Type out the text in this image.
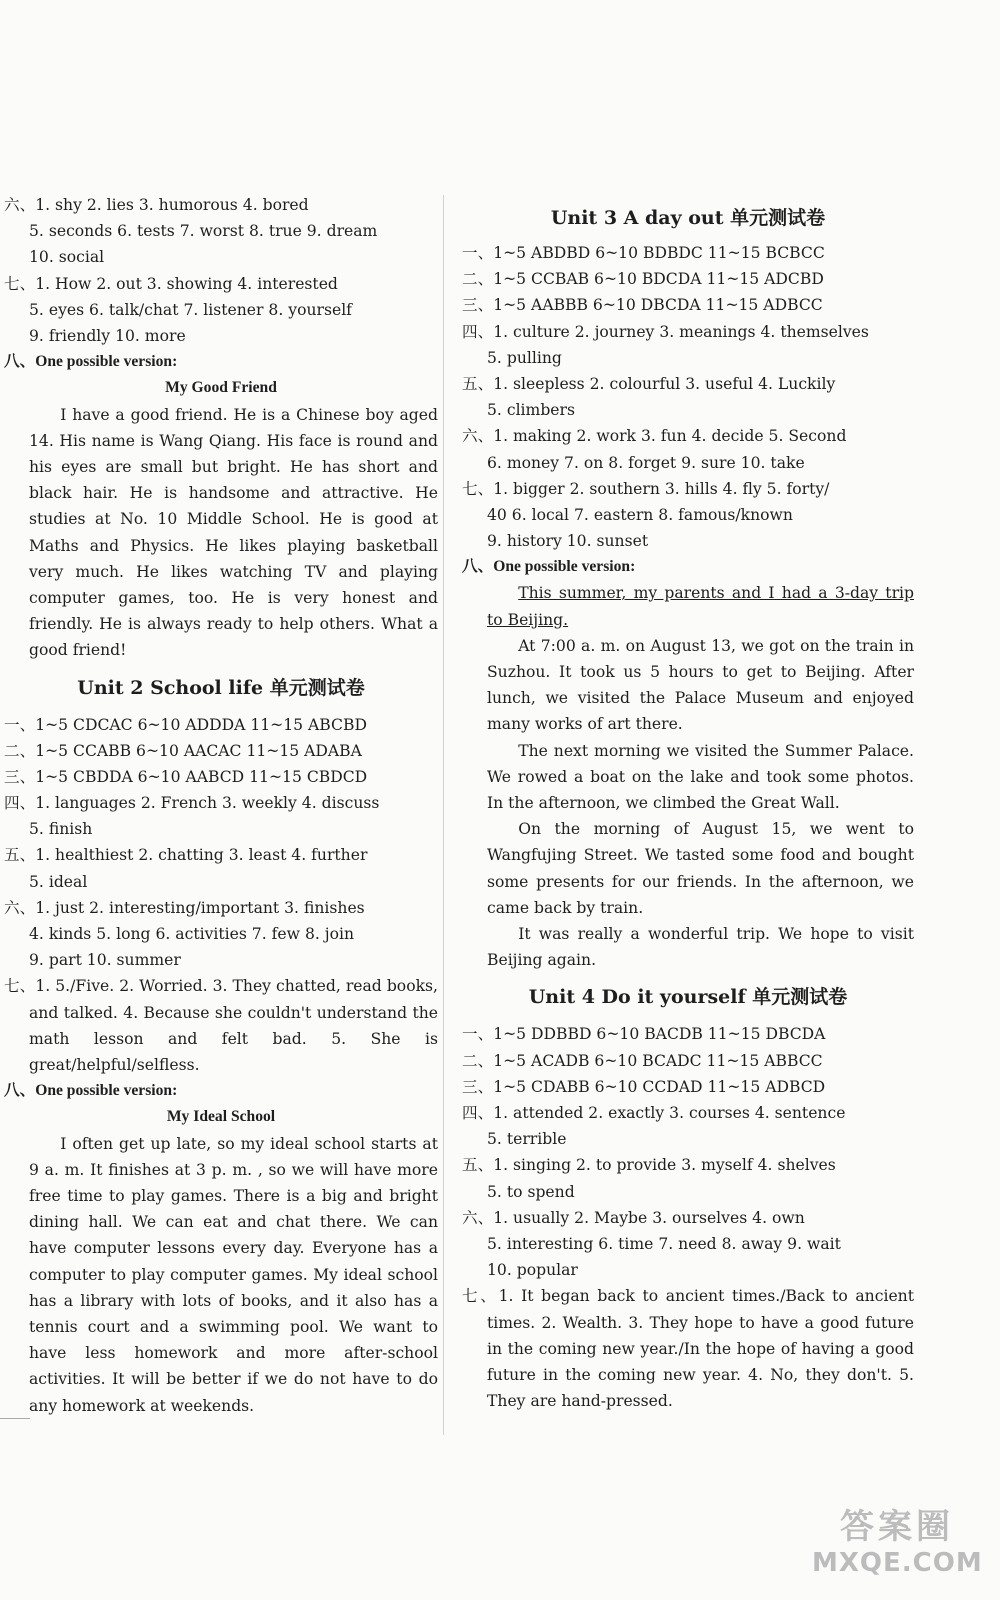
六、1. shy 2. lies 3. humorous 4. bored
5. seconds 6. tests 7. worst 8. true 9. dream
10. social
七、1. How 2. out 3. showing 4. interested
5. eyes 6. talk/chat 7. listener 8. yourself
9. friendly 10. more
八、One possible version:
My Good Friend

I have a good friend. He is a Chinese boy aged 14. His name is Wang Qiang. His face is round and his eyes are small but bright. He has short and black hair. He is handsome and attractive. He studies at No. 10 Middle School. He is good at Maths and Physics. He likes playing basketball very much. He likes watching TV and playing computer games, too. He is very honest and friendly. He is always ready to help others. What a good friend!

Unit 2 School life 单元测试卷
一、1~5 CDCAC 6~10 ADDDA 11~15 ABCBD
二、1~5 CCABB 6~10 AACAC 11~15 ADABA
三、1~5 CBDDA 6~10 AABCD 11~15 CBDCD
四、1. languages 2. French 3. weekly 4. discuss
5. finish
五、1. healthiest 2. chatting 3. least 4. further
5. ideal
六、1. just 2. interesting/important 3. finishes
4. kinds 5. long 6. activities 7. few 8. join
9. part 10. summer

七、1. 5./Five. 2. Worried. 3. They chatted, read books, and talked. 4. Because she couldn't understand the math lesson and felt bad. 5. She is great/helpful/selfless.

八、One possible version:
My Ideal School

I often get up late, so my ideal school starts at 9 a. m. It finishes at 3 p. m. , so we will have more free time to play games. There is a big and bright dining hall. We can eat and chat there. We can have computer lessons every day. Everyone has a computer to play computer games. My ideal school has a library with lots of books, and it also has a tennis court and a swimming pool. We want to have less homework and more after-school activities. It will be better if we do not have to do any homework at weekends.

Unit 3 A day out 单元测试卷
一、1~5 ABDBD 6~10 BDBDC 11~15 BCBCC
二、1~5 CCBAB 6~10 BDCDA 11~15 ADCBD
三、1~5 AABBB 6~10 DBCDA 11~15 ADBCC
四、1. culture 2. journey 3. meanings 4. themselves
5. pulling
五、1. sleepless 2. colourful 3. useful 4. Luckily
5. climbers
六、1. making 2. work 3. fun 4. decide 5. Second
6. money 7. on 8. forget 9. sure 10. take
七、1. bigger 2. southern 3. hills 4. fly 5. forty/
40 6. local 7. eastern 8. famous/known
9. history 10. sunset
八、One possible version:

This summer, my parents and I had a 3-day trip to Beijing.

At 7:00 a. m. on August 13, we got on the train in Suzhou. It took us 5 hours to get to Beijing. After lunch, we visited the Palace Museum and enjoyed many works of art there.

The next morning we visited the Summer Palace. We rowed a boat on the lake and took some photos. In the afternoon, we climbed the Great Wall.

On the morning of August 15, we went to Wangfujing Street. We tasted some food and bought some presents for our friends. In the afternoon, we came back by train.

It was really a wonderful trip. We hope to visit Beijing again.

Unit 4 Do it yourself 单元测试卷
一、1~5 DDBBD 6~10 BACDB 11~15 DBCDA
二、1~5 ACADB 6~10 BCADC 11~15 ABBCC
三、1~5 CDABB 6~10 CCDAD 11~15 ADBCD
四、1. attended 2. exactly 3. courses 4. sentence
5. terrible
五、1. singing 2. to provide 3. myself 4. shelves
5. to spend
六、1. usually 2. Maybe 3. ourselves 4. own
5. interesting 6. time 7. need 8. away 9. wait
10. popular

七、1. It began back to ancient times./Back to ancient times. 2. Wealth. 3. They hope to have a good future in the coming new year./In the hope of having a good future in the coming new year. 4. No, they don't. 5. They are hand-pressed.

答案圈
MXQE.COM
